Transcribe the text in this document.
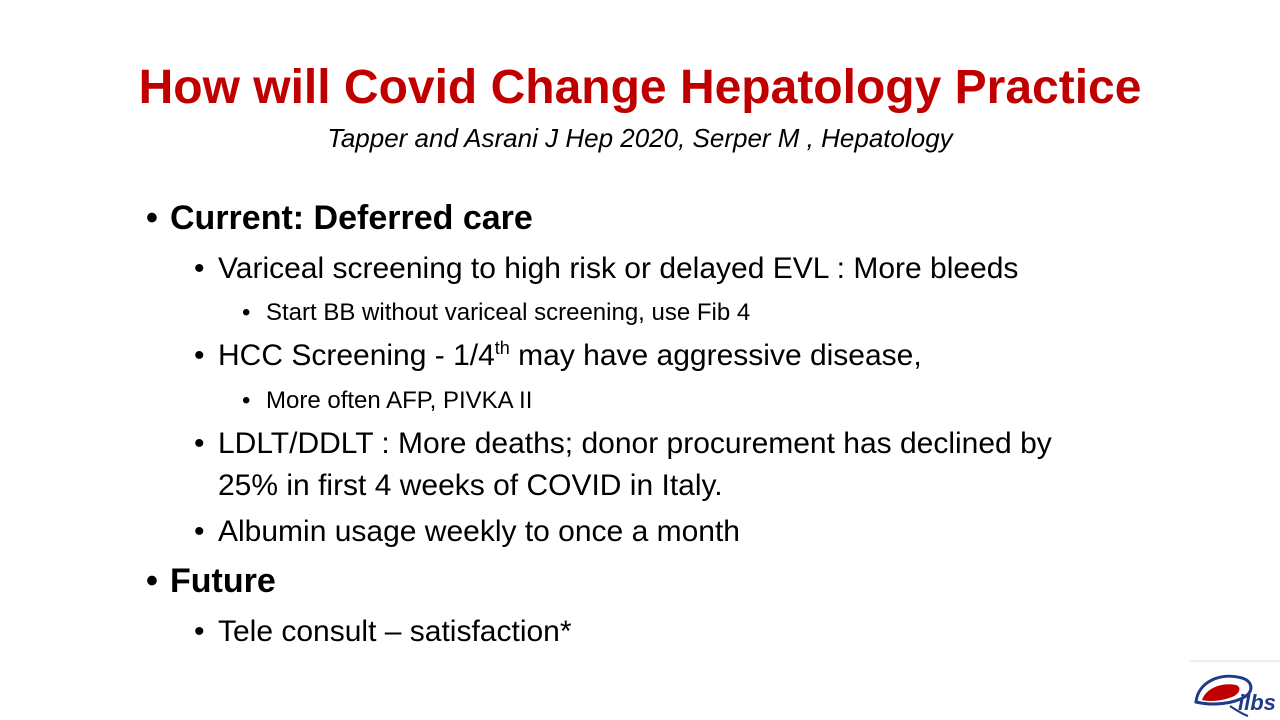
How will Covid Change Hepatology Practice
Tapper and Asrani J Hep 2020, Serper M , Hepatology
• Current: Deferred care
• Variceal screening to high risk or delayed EVL : More bleeds
• Start BB without variceal screening, use Fib 4
• HCC Screening - 1/4th may have aggressive disease,
• More often AFP, PIVKA II
• LDLT/DDLT : More deaths; donor procurement has declined by
25% in first 4 weeks of COVID in Italy.
• Albumin usage weekly to once a month
• Future
• Tele consult – satisfaction*
ilbs
